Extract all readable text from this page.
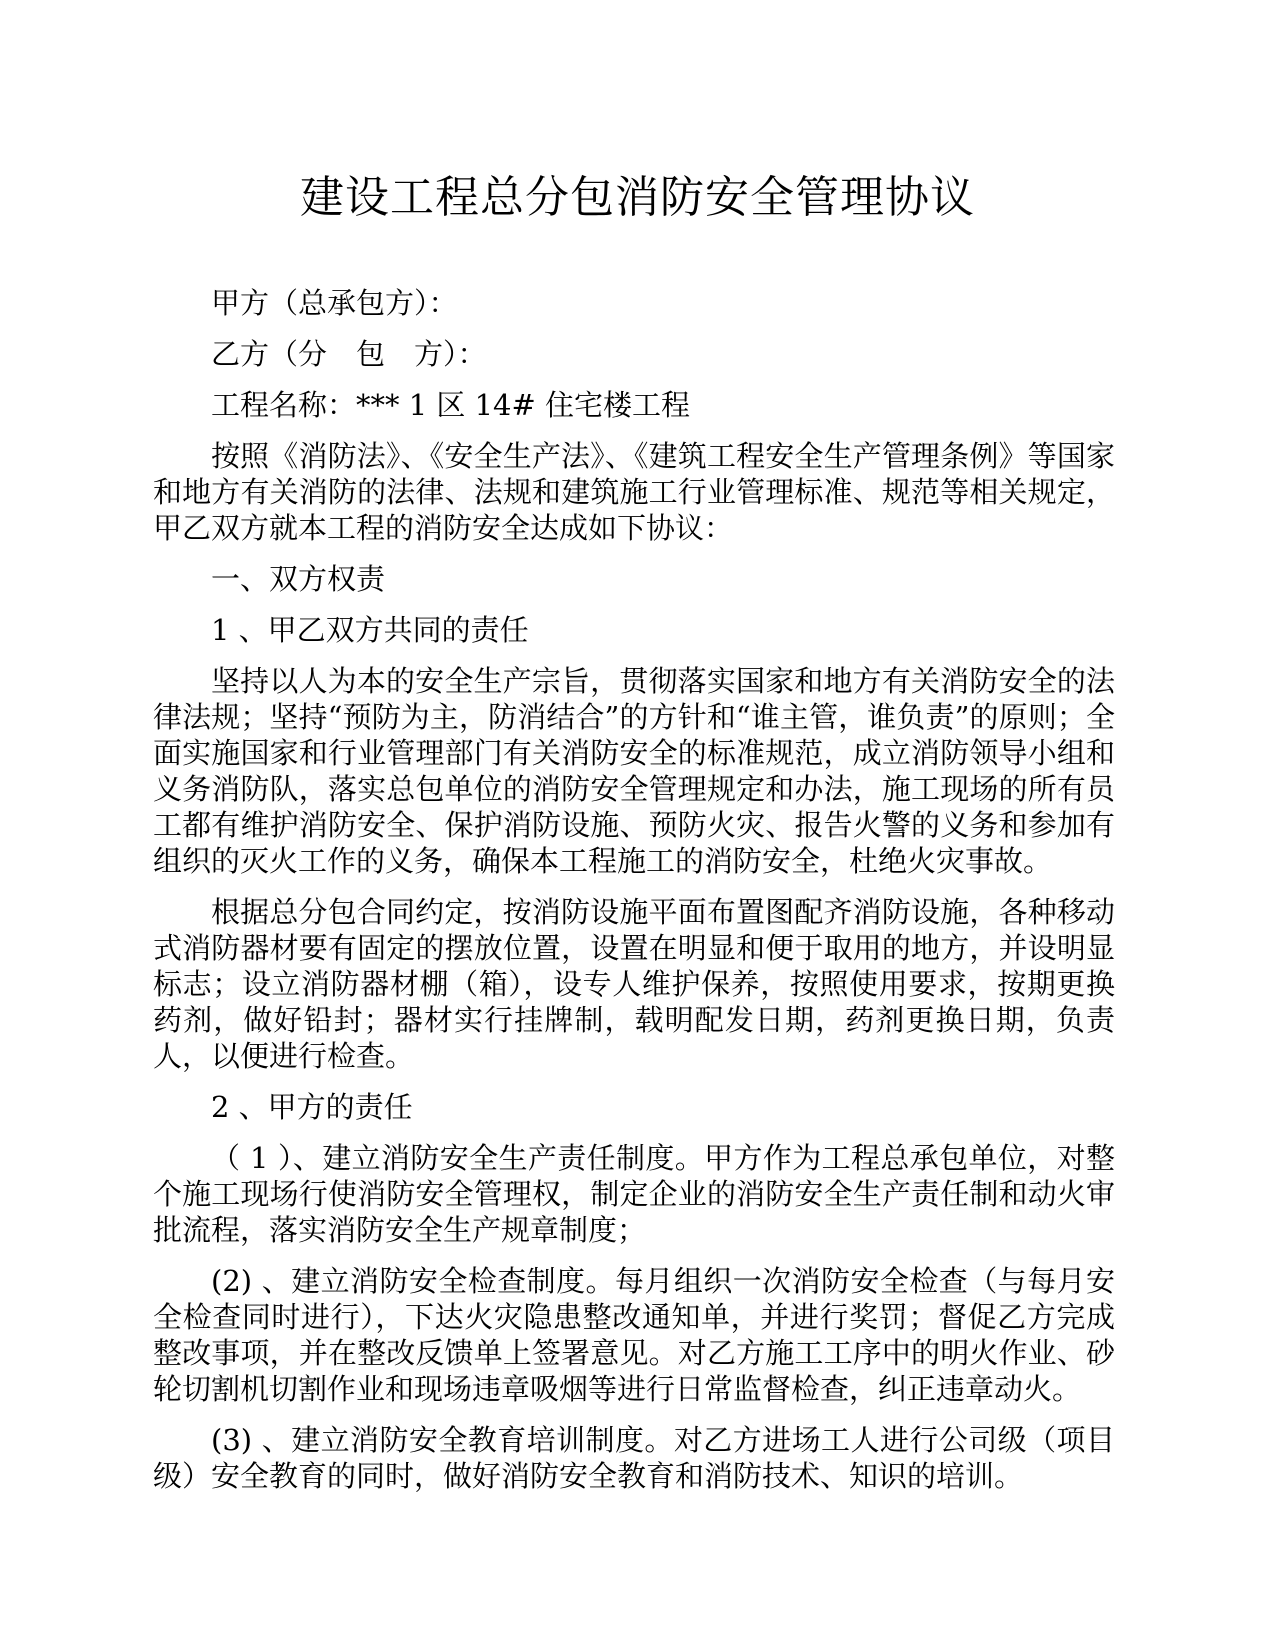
建设工程总分包消防安全管理协议

甲方（总承包方）：

乙方（分　包　方）：

工程名称：*** 1 区 14# 住宅楼工程

按照《消防法》、《安全生产法》、《建筑工程安全生产管理条例》等国家和地方有关消防的法律、法规和建筑施工行业管理标准、规范等相关规定，甲乙双方就本工程的消防安全达成如下协议：

一、双方权责

1 、甲乙双方共同的责任

坚持以人为本的安全生产宗旨，贯彻落实国家和地方有关消防安全的法律法规；坚持“预防为主，防消结合”的方针和“谁主管，谁负责”的原则；全面实施国家和行业管理部门有关消防安全的标准规范，成立消防领导小组和义务消防队，落实总包单位的消防安全管理规定和办法，施工现场的所有员工都有维护消防安全、保护消防设施、预防火灾、报告火警的义务和参加有组织的灭火工作的义务，确保本工程施工的消防安全，杜绝火灾事故。

根据总分包合同约定，按消防设施平面布置图配齐消防设施，各种移动式消防器材要有固定的摆放位置，设置在明显和便于取用的地方，并设明显标志；设立消防器材棚（箱），设专人维护保养，按照使用要求，按期更换药剂，做好铅封；器材实行挂牌制，载明配发日期，药剂更换日期，负责人，以便进行检查。

2 、甲方的责任

（ 1 ）、建立消防安全生产责任制度。甲方作为工程总承包单位，对整个施工现场行使消防安全管理权，制定企业的消防安全生产责任制和动火审批流程，落实消防安全生产规章制度；

(2) 、建立消防安全检查制度。每月组织一次消防安全检查（与每月安全检查同时进行），下达火灾隐患整改通知单，并进行奖罚；督促乙方完成整改事项，并在整改反馈单上签署意见。对乙方施工工序中的明火作业、砂轮切割机切割作业和现场违章吸烟等进行日常监督检查，纠正违章动火。

(3) 、建立消防安全教育培训制度。对乙方进场工人进行公司级（项目级）安全教育的同时，做好消防安全教育和消防技术、知识的培训。
